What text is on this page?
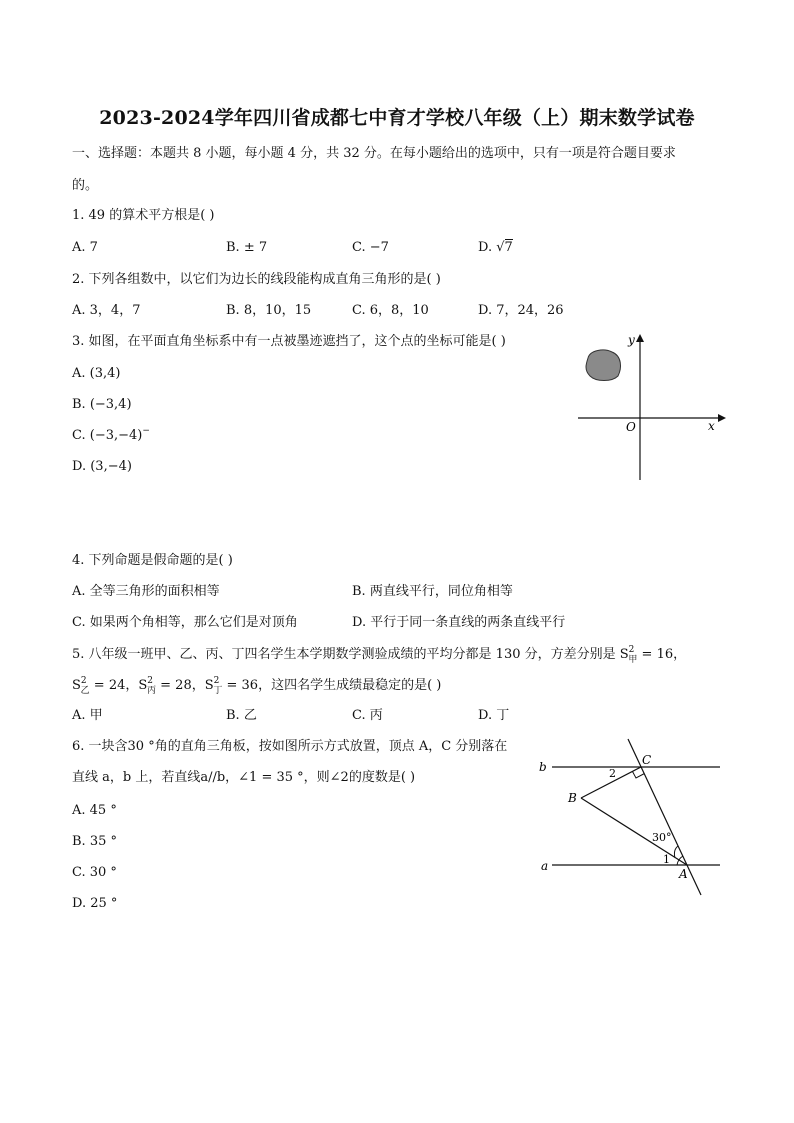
2023-2024学年四川省成都七中育才学校八年级（上）期末数学试卷
一、选择题：本题共 8 小题，每小题 4 分，共 32 分。在每小题给出的选项中，只有一项是符合题目要求
的。
1. 49 的算术平方根是( )
A. 7	B. ± 7	C. −7	D. √7
2. 下列各组数中，以它们为边长的线段能构成直角三角形的是( )
A. 3，4，7	B. 8，10，15	C. 6，8，10	D. 7，24，26
3. 如图，在平面直角坐标系中有一点被墨迹遮挡了，这个点的坐标可能是( )
A. (3,4)
B. (−3,4)
C. (−3,−4)−
D. (3,−4)
y
x
O
4. 下列命题是假命题的是( )
A. 全等三角形的面积相等	B. 两直线平行，同位角相等
C. 如果两个角相等，那么它们是对顶角	D. 平行于同一条直线的两条直线平行
5. 八年级一班甲、乙、丙、丁四名学生本学期数学测验成绩的平均分都是 130 分，方差分别是 $S^2_甲 = 16$，
$S^2_乙 = 24$，$S^2_丙 = 28$，$S^2_丁 = 36$，这四名学生成绩最稳定的是( )
A. 甲	B. 乙	C. 丙	D. 丁
6. 一块含30 °角的直角三角板，按如图所示方式放置，顶点 A，C 分别落在
直线 a，b 上，若直线a//b，∠1 = 35 °，则∠2的度数是( )
A. 45 °
B. 35 °
C. 30 °
D. 25 °
b
a
C
B
A
2
1
30°
